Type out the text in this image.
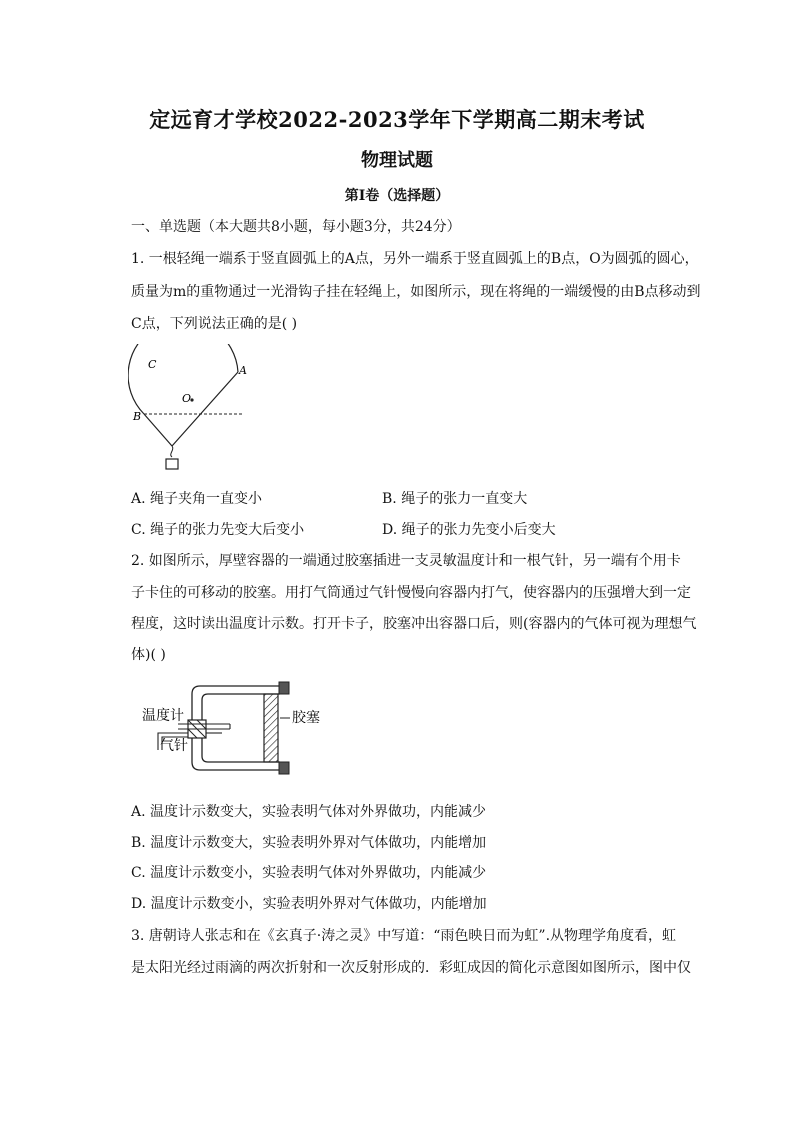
定远育才学校2022-2023学年下学期高二期末考试
物理试题
第I卷（选择题）
一、单选题（本大题共8小题，每小题3分，共24分）
1. 一根轻绳一端系于竖直圆弧上的A点，另外一端系于竖直圆弧上的B点，O为圆弧的圆心，
质量为m的重物通过一光滑钩子挂在轻绳上，如图所示，现在将绳的一端缓慢的由B点移动到
C点，下列说法正确的是( )
C	A
O
B
A. 绳子夹角一直变小	B. 绳子的张力一直变大
C. 绳子的张力先变大后变小	D. 绳子的张力先变小后变大
2. 如图所示，厚壁容器的一端通过胶塞插进一支灵敏温度计和一根气针，另一端有个用卡
子卡住的可移动的胶塞。用打气筒通过气针慢慢向容器内打气，使容器内的压强增大到一定
程度，这时读出温度计示数。打开卡子，胶塞冲出容器口后，则(容器内的气体可视为理想气
体)( )
温度计
气针
胶塞
A. 温度计示数变大，实验表明气体对外界做功，内能减少
B. 温度计示数变大，实验表明外界对气体做功，内能增加
C. 温度计示数变小，实验表明气体对外界做功，内能减少
D. 温度计示数变小，实验表明外界对气体做功，内能增加
3. 唐朝诗人张志和在《玄真子·涛之灵》中写道：“雨色映日而为虹”.从物理学角度看，虹
是太阳光经过雨滴的两次折射和一次反射形成的．彩虹成因的简化示意图如图所示，图中仅
